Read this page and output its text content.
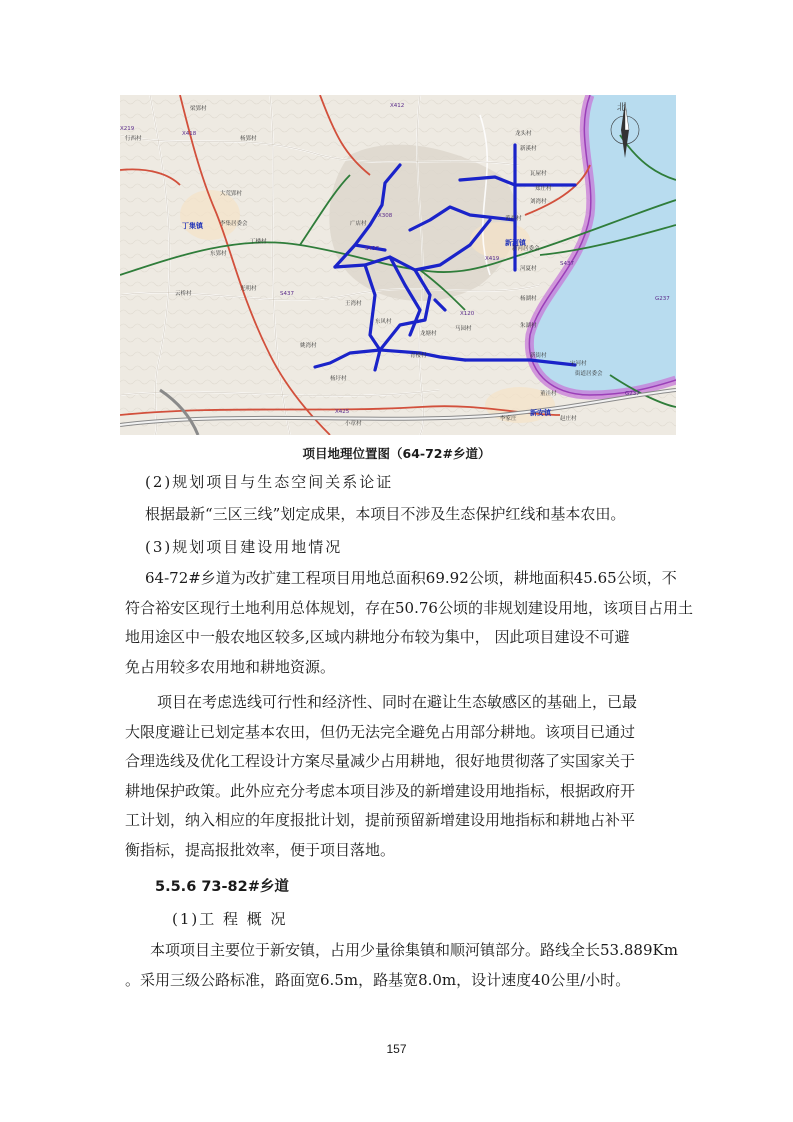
北
丁集镇
新河镇
新安镇
梁郢村
杨郢村
行西村
大荒郢村
李集居委会
丁楼村
东郢村
光明村
云桥村
龙头村
新溪村
瓦屋村
刘湾村
郑庄村
黄西村
广店村
新河居委会
河夏村
杨湖村
朱湖村
马园村
新街村
青楼村
街道居委会
宋河村
董洼村
小章村
李家庄
杨圩村
赵庄村
东风村
王湾村
姚湾村
龙塘村
X412
X219
X418
X308
S437
X419
S437
X120
S437
X425
G237
G237
项目地理位置图（64-72#乡道）

(2)规划项目与生态空间关系论证

根据最新“三区三线”划定成果，本项目不涉及生态保护红线和基本农田。

(3)规划项目建设用地情况

64-72#乡道为改扩建工程项目用地总面积69.92公顷，耕地面积45.65公顷，不
符合裕安区现行土地利用总体规划，存在50.76公顷的非规划建设用地，该项目占用土
地用途区中一般农地区较多,区域内耕地分布较为集中， 因此项目建设不可避
免占用较多农用地和耕地资源。
项目在考虑选线可行性和经济性、同时在避让生态敏感区的基础上，已最
大限度避让已划定基本农田，但仍无法完全避免占用部分耕地。该项目已通过
合理选线及优化工程设计方案尽量减少占用耕地，很好地贯彻落了实国家关于
耕地保护政策。此外应充分考虑本项目涉及的新增建设用地指标，根据政府开
工计划，纳入相应的年度报批计划，提前预留新增建设用地指标和耕地占补平
衡指标，提高报批效率，便于项目落地。

5.5.6 73-82#乡道

(1)工 程 概 况

本项项目主要位于新安镇，占用少量徐集镇和顺河镇部分。路线全长53.889Km
。采用三级公路标准，路面宽6.5m，路基宽8.0m，设计速度40公里/小时。
157
